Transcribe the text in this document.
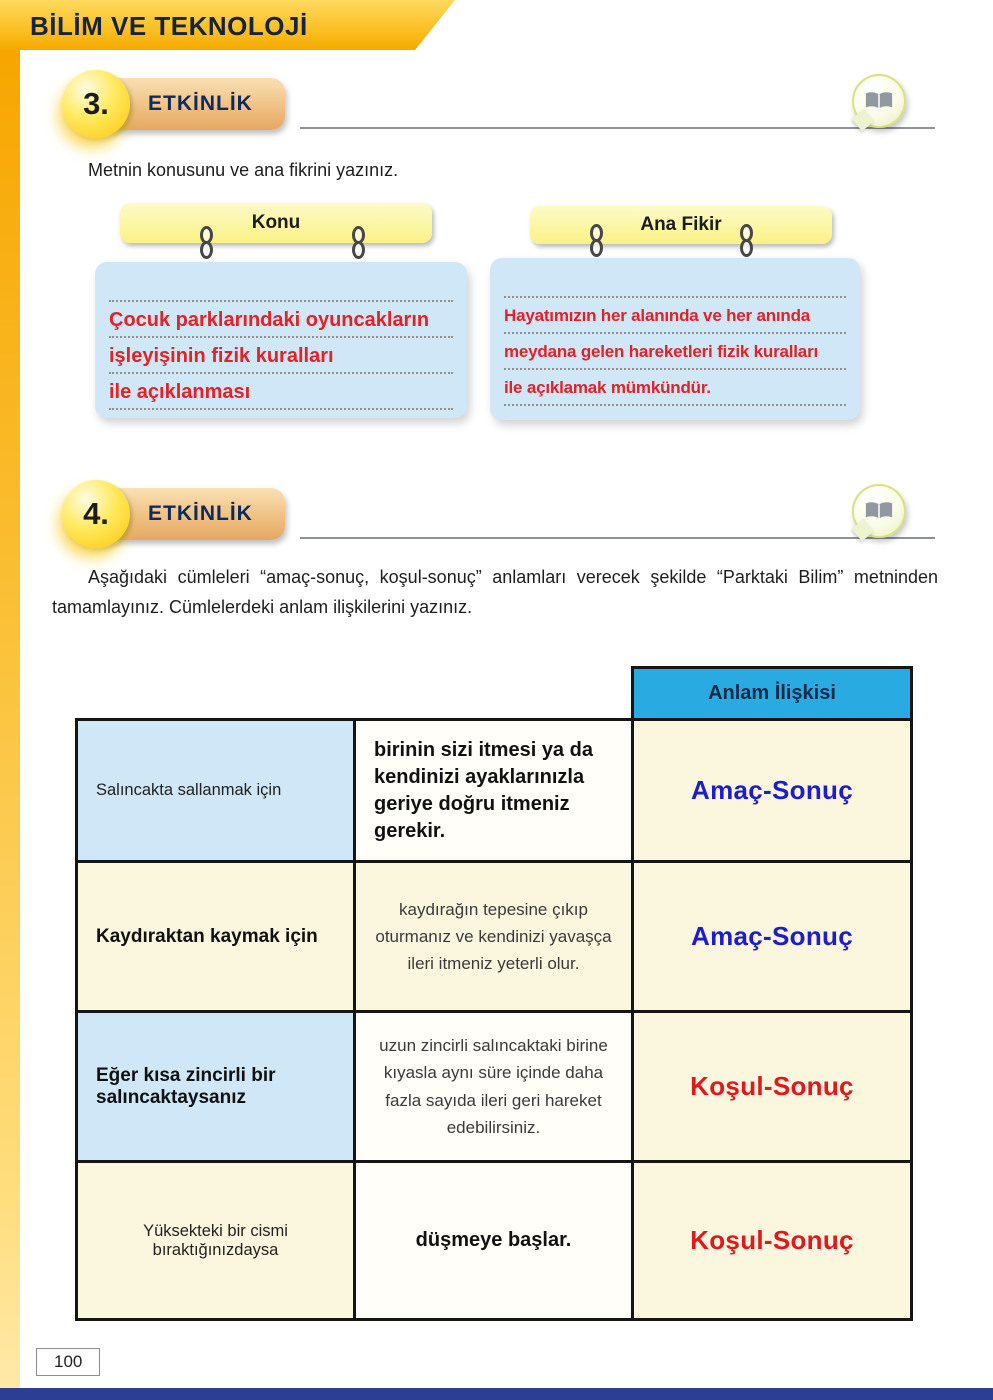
BİLİM VE TEKNOLOJİ
ETKİNLİK
3.
Metnin konusunu ve ana fikrini yazınız.
Konu
Çocuk parklarındaki oyuncakların
işleyişinin fizik kuralları
ile açıklanması
Ana Fikir
Hayatımızın her alanında ve her anında
meydana gelen hareketleri fizik kuralları
ile açıklamak mümkündür.
ETKİNLİK
4.
Aşağıdaki cümleleri “amaç-sonuç, koşul-sonuç” anlamları verecek şekilde “Parktaki Bilim” metninden tamamlayınız. Cümlelerdeki anlam ilişkilerini yazınız.
		Anlam İlişkisi

Salıncakta sallanmak için	birinin sizi itmesi ya da kendinizi ayaklarınızla geriye doğru itmeniz gerekir.	Amaç-Sonuç

Kaydıraktan kaymak için	kaydırağın tepesine çıkıp oturmanız ve kendinizi yavaşça ileri itmeniz yeterli olur.	Amaç-Sonuç

Eğer kısa zincirli bir salıncaktaysanız	uzun zincirli salıncaktaki birine kıyasla aynı süre içinde daha fazla sayıda ileri geri hareket edebilirsiniz.	Koşul-Sonuç

Yüksekteki bir cismi bıraktığınızdaysa	düşmeye başlar.	Koşul-Sonuç
100
